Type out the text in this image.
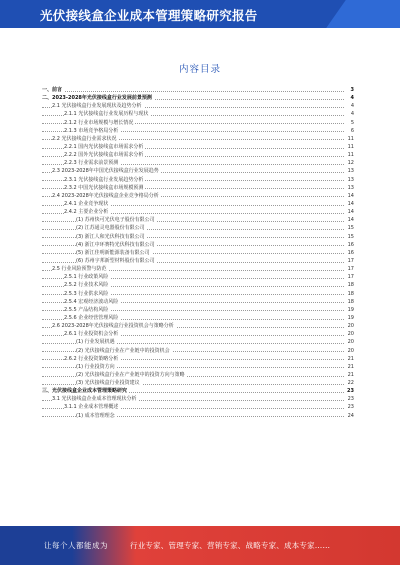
光伏接线盒企业成本管理策略研究报告
内容目录
一、前言	3
二、2023-2028年光伏接线盒行业发展前景预测	4
2.1 光伏接线盒行业发展现状及趋势分析	4
2.1.1 光伏接线盒行业发展历程与现状	4
2.1.2 行业市场规模与增长情况	5
2.1.3 市场竞争格局分析	6
2.2 光伏接线盒行业需求状况	11
2.2.1 国内光伏接线盒市场需求分析	11
2.2.2 国外光伏接线盒市场需求分析	11
2.2.3 行业需求前景预测	12
2.3 2023-2028年中国光伏接线盒行业发展趋势	13
2.3.1 光伏接线盒行业发展趋势分析	13
2.3.2 中国光伏接线盒市场规模预测	13
2.4 2023-2028年光伏接线盒企业竞争格局分析	14
2.4.1 企业竞争现状	14
2.4.2 主要企业分析	14
(1) 苏州快可光伏电子股份有限公司	14
(2) 江苏通灵电器股份有限公司	15
(3) 浙江人和光伏科技有限公司	15
(4) 浙江中环赛特光伏科技有限公司	16
(5) 浙江佳明新能源装备有限公司	16
(6) 苏州宇邦新型材料股份有限公司	17
2.5 行业风险预警与防范	17
2.5.1 行业政策风险	17
2.5.2 行业技术风险	18
2.5.3 行业供求风险	18
2.5.4 宏观经济波动风险	18
2.5.5 产品结构风险	19
2.5.6 企业经营管理风险	19
2.6 2023-2028年光伏接线盒行业投资机会与策略分析	20
2.6.1 行业投资机会分析	20
(1) 行业发展机遇	20
(2) 光伏接线盒行业在产业链中的投资机会	20
2.6.2 行业投资策略分析	21
(1) 行业投资方向	21
(2) 光伏接线盒行业在产业链中的投资方向与策略	21
(3) 光伏接线盒行业投资建议	22
三、光伏接线盒企业成本管理策略研究	23
3.1 光伏接线盒企业成本管理现状分析	23
3.1.1 企业成本管理概述	23
(1) 成本管理理念	24
让每个人都能成为	行业专家、管理专家、营销专家、战略专家、成本专家……
